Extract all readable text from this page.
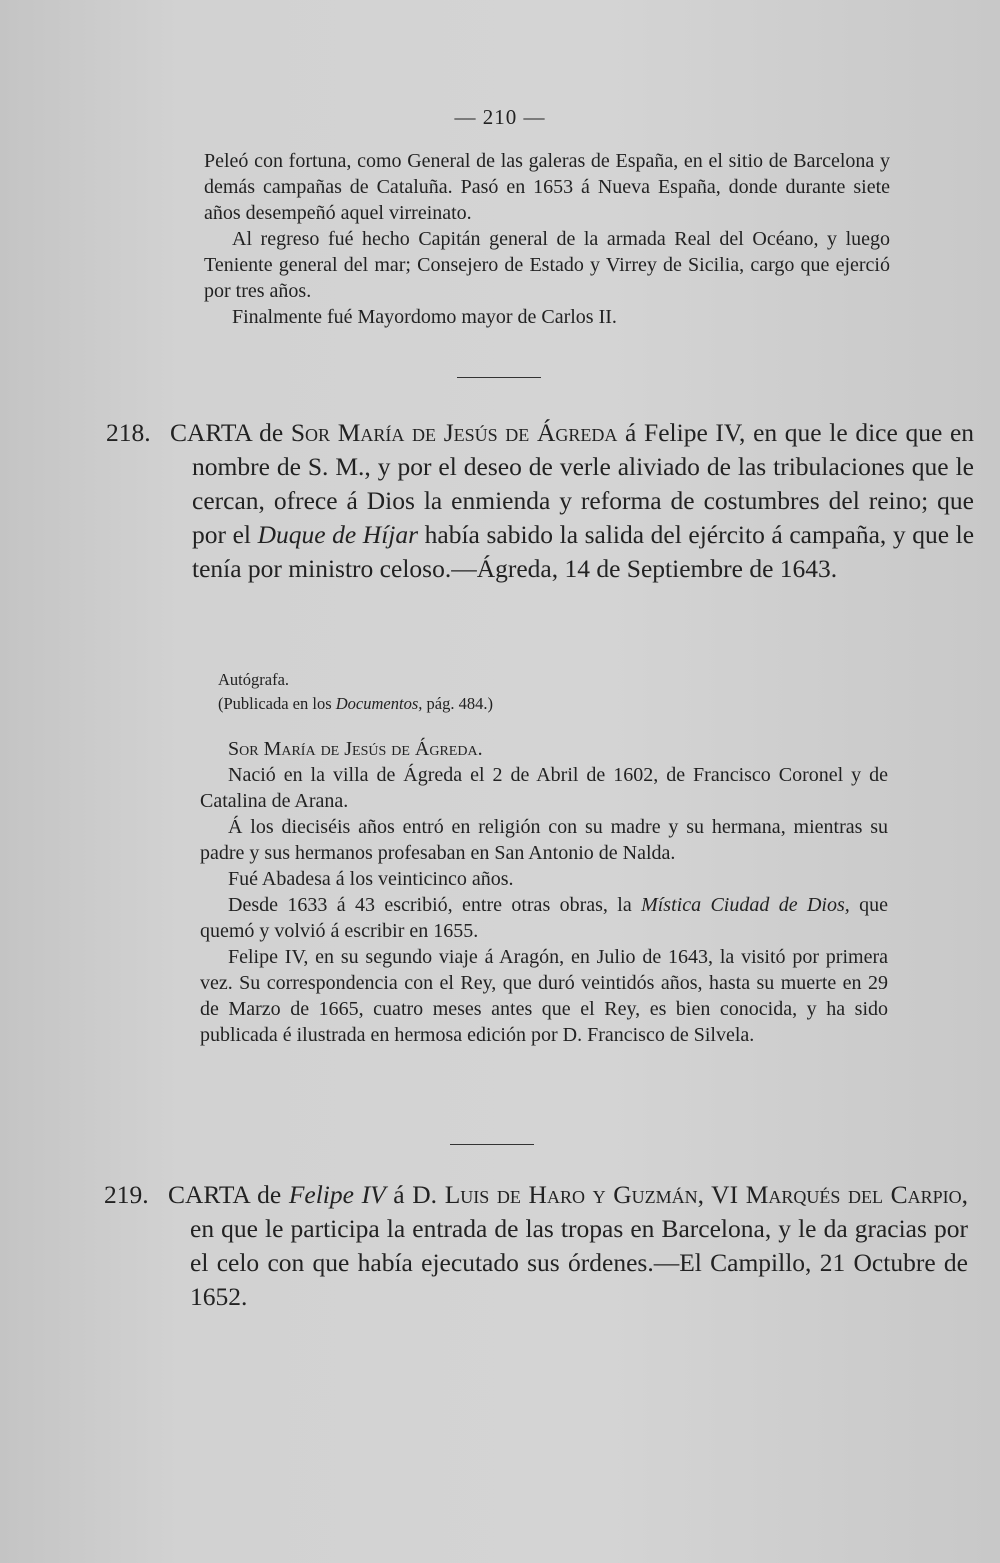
— 210 —

Peleó con fortuna, como General de las galeras de España, en el sitio de Barcelona y demás campañas de Cataluña. Pasó en 1653 á Nueva España, donde durante siete años desempeñó aquel virreinato.

Al regreso fué hecho Capitán general de la armada Real del Océano, y luego Teniente general del mar; Consejero de Estado y Virrey de Sicilia, cargo que ejerció por tres años.

Finalmente fué Mayordomo mayor de Carlos II.

218. CARTA de Sor María de Jesús de Ágreda á Felipe IV, en que le dice que en nombre de S. M., y por el deseo de verle aliviado de las tribulaciones que le cercan, ofrece á Dios la enmienda y reforma de costumbres del reino; que por el Duque de Híjar había sabido la salida del ejército á campaña, y que le tenía por ministro celoso.—Ágreda, 14 de Septiembre de 1643.

Autógrafa.

(Publicada en los Documentos, pág. 484.)

Sor María de Jesús de Ágreda.

Nació en la villa de Ágreda el 2 de Abril de 1602, de Francisco Coronel y de Catalina de Arana.

Á los dieciséis años entró en religión con su madre y su hermana, mientras su padre y sus hermanos profesaban en San Antonio de Nalda.

Fué Abadesa á los veinticinco años.

Desde 1633 á 43 escribió, entre otras obras, la Mística Ciudad de Dios, que quemó y volvió á escribir en 1655.

Felipe IV, en su segundo viaje á Aragón, en Julio de 1643, la visitó por primera vez. Su correspondencia con el Rey, que duró veintidós años, hasta su muerte en 29 de Marzo de 1665, cuatro meses antes que el Rey, es bien conocida, y ha sido publicada é ilustrada en hermosa edición por D. Francisco de Silvela.

219. CARTA de Felipe IV á D. Luis de Haro y Guzmán, VI Marqués del Carpio, en que le participa la entrada de las tropas en Barcelona, y le da gracias por el celo con que había ejecutado sus órdenes.—El Campillo, 21 Octubre de 1652.
